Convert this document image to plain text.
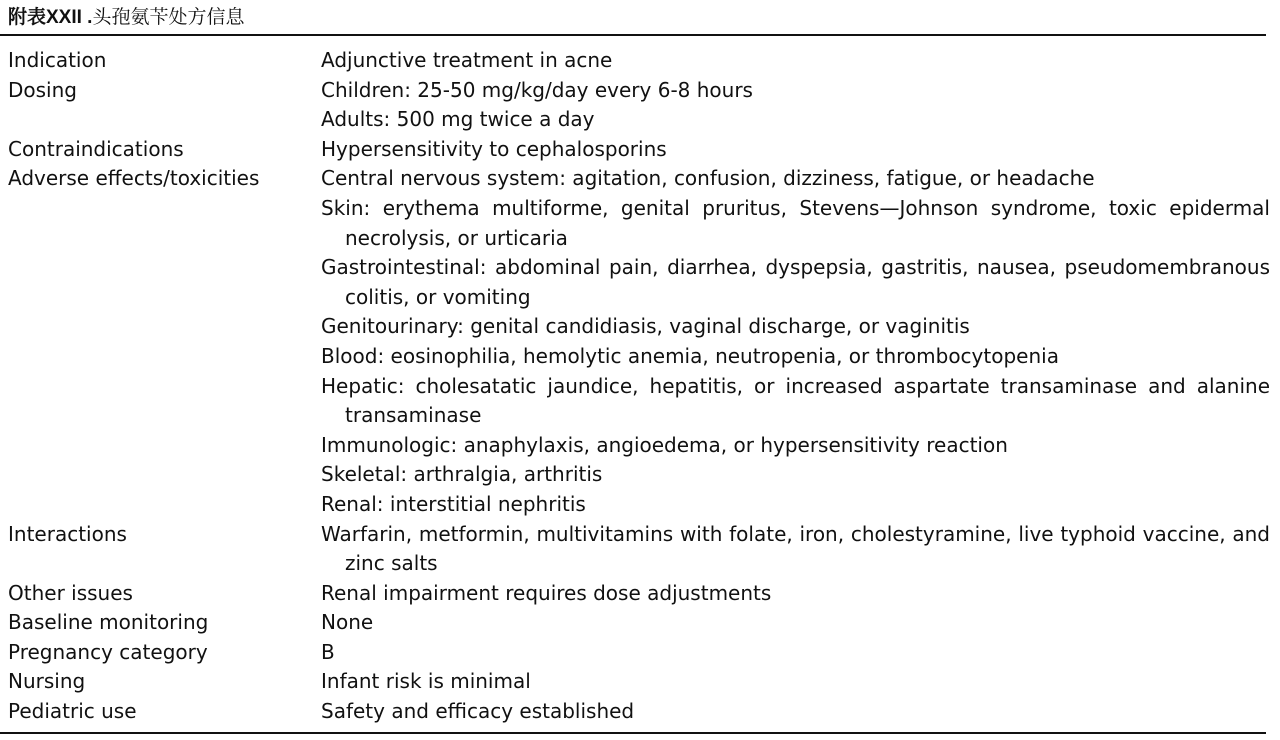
附表XXII .头孢氨苄处方信息
Indication	Adjunctive treatment in acne
Dosing	Children: 25-50 mg/kg/day every 6-8 hours
Adults: 500 mg twice a day
Contraindications	Hypersensitivity to cephalosporins
Adverse effects/toxicities	Central nervous system: agitation, confusion, dizziness, fatigue, or headache
Skin: erythema multiforme, genital pruritus, Stevens—Johnson syndrome, toxic epidermal necrolysis, or urticaria
Gastrointestinal: abdominal pain, diarrhea, dyspepsia, gastritis, nausea, pseudomembranous colitis, or vomiting
Genitourinary: genital candidiasis, vaginal discharge, or vaginitis
Blood: eosinophilia, hemolytic anemia, neutropenia, or thrombocytopenia
Hepatic: cholesatatic jaundice, hepatitis, or increased aspartate transaminase and alanine transaminase
Immunologic: anaphylaxis, angioedema, or hypersensitivity reaction
Skeletal: arthralgia, arthritis
Renal: interstitial nephritis
Interactions	Warfarin, metformin, multivitamins with folate, iron, cholestyramine, live typhoid vaccine, and zinc salts
Other issues	Renal impairment requires dose adjustments
Baseline monitoring	None
Pregnancy category	B
Nursing	Infant risk is minimal
Pediatric use	Safety and efficacy established
